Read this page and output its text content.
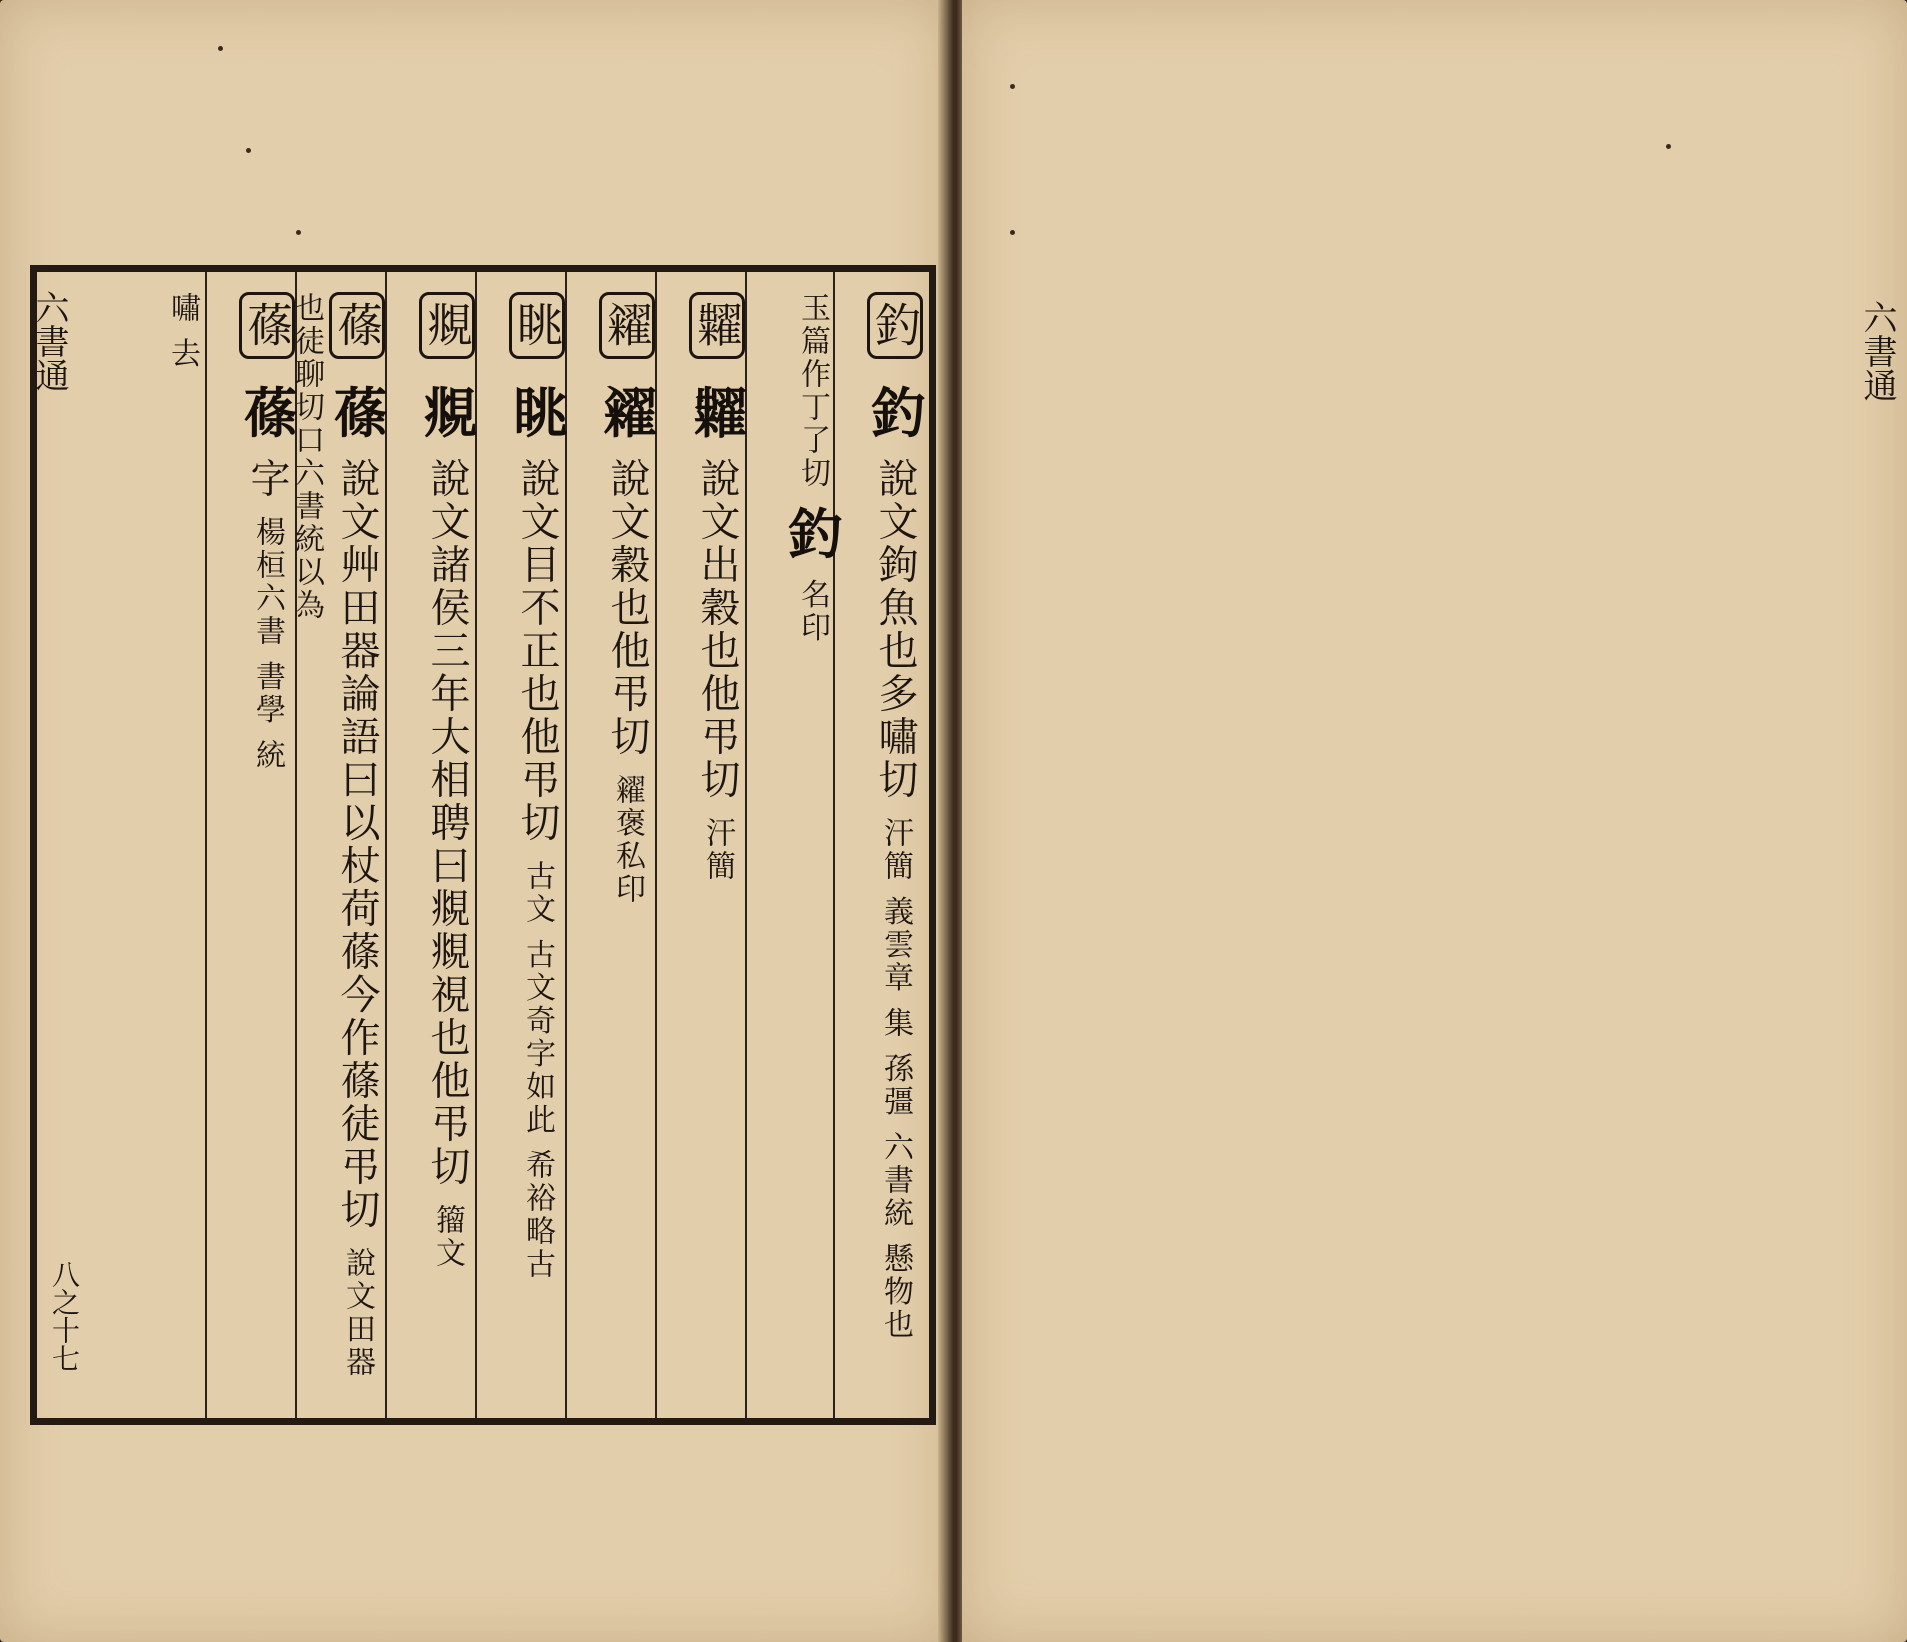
六書通	釣 釣 說文鉤魚也多嘯切 汗簡 義雲章 集 孫彊 六書統 懸物也
玉篇作丁了切 釣 名印
糶 糶 說文出穀也他弔切 汗簡
糴 糴 說文穀也他弔切 糴褒私印
眺 眺 說文目不正也他弔切 古文 古文奇字如此 希裕略古
覜 覜 說文諸侯三年大相聘曰覜覜視也他弔切 籀文
蓧 蓧 說文艸田器論語曰以杖荷蓧今作蓧徒弔切 說文田器也徒聊切口六書統以為
蓧 蓧 字 楊桓六書 書學 統
嘯 去
八之十七
六書通
